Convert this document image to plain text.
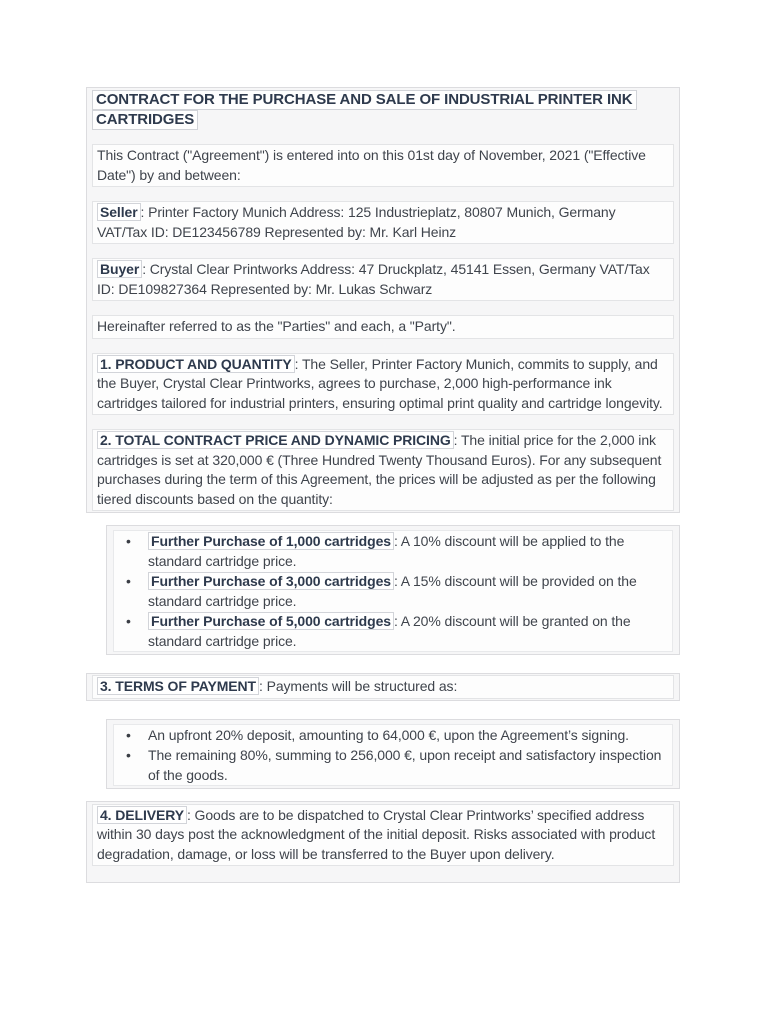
CONTRACT FOR THE PURCHASE AND SALE OF INDUSTRIAL PRINTER INK
CARTRIDGES

This Contract ("Agreement") is entered into on this 01st day of November, 2021 ("Effective Date") by and between:

Seller : Printer Factory Munich Address: 125 Industrieplatz, 80807 Munich, Germany VAT/Tax ID: DE123456789 Represented by: Mr. Karl Heinz

Buyer : Crystal Clear Printworks Address: 47 Druckplatz, 45141 Essen, Germany VAT/Tax ID: DE109827364 Represented by: Mr. Lukas Schwarz

Hereinafter referred to as the "Parties" and each, a "Party".

1. PRODUCT AND QUANTITY : The Seller, Printer Factory Munich, commits to supply, and the Buyer, Crystal Clear Printworks, agrees to purchase, 2,000 high-performance ink cartridges tailored for industrial printers, ensuring optimal print quality and cartridge longevity.

2. TOTAL CONTRACT PRICE AND DYNAMIC PRICING : The initial price for the 2,000 ink cartridges is set at 320,000 € (Three Hundred Twenty Thousand Euros). For any subsequent purchases during the term of this Agreement, the prices will be adjusted as per the following tiered discounts based on the quantity:

• Further Purchase of 1,000 cartridges : A 10% discount will be applied to the standard cartridge price.
• Further Purchase of 3,000 cartridges : A 15% discount will be provided on the standard cartridge price.
• Further Purchase of 5,000 cartridges : A 20% discount will be granted on the standard cartridge price.

3. TERMS OF PAYMENT : Payments will be structured as:

• An upfront 20% deposit, amounting to 64,000 €, upon the Agreement’s signing.
• The remaining 80%, summing to 256,000 €, upon receipt and satisfactory inspection of the goods.

4. DELIVERY : Goods are to be dispatched to Crystal Clear Printworks’ specified address within 30 days post the acknowledgment of the initial deposit. Risks associated with product degradation, damage, or loss will be transferred to the Buyer upon delivery.
